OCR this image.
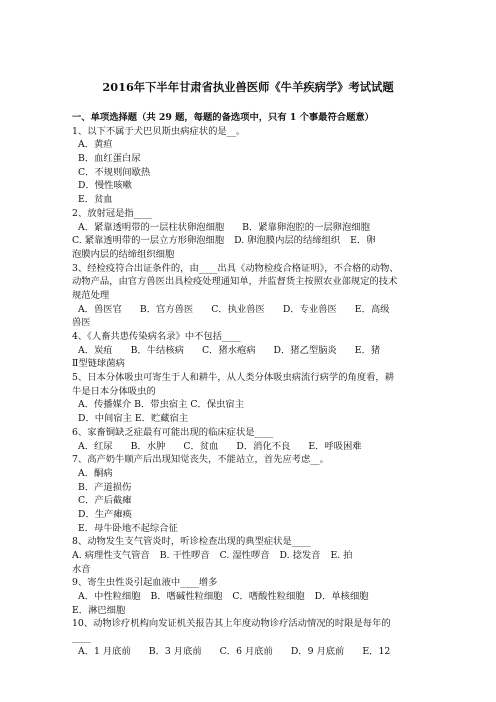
2016年下半年甘肃省执业兽医师《牛羊疾病学》考试试题
一、单项选择题（共 29 题，每题的备选项中，只有 1 个事最符合题意）
1、以下不属于犬巴贝斯虫病症状的是__。
A．黄疸
B．血红蛋白尿
C．不规则间歇热
D．慢性咳嗽
E．贫血
2、放射冠是指____
A．紧靠透明带的一层柱状卵泡细胞 B．紧靠卵泡腔的一层卵泡细胞
C. 紧靠透明带的一层立方形卵泡细胞 D. 卵泡膜内层的结缔组织 E．卵
泡膜内层的结缔组织细胞
3、经检疫符合出证条件的，由____出具《动物检疫合格证明》，不合格的动物、
动物产品，由官方兽医出具检疫处理通知单，并监督货主按照农业部规定的技术
规范处理
A．兽医官 B．官方兽医 C．执业兽医 D．专业兽医 E．高级
兽医
4、《人畜共患传染病名录》中不包括____
A．炭疽 B．牛结核病 C．猪水疱病 D．猪乙型脑炎 E．猪
Ⅱ型链球菌病
5、日本分体吸虫可寄生于人和耕牛，从人类分体吸虫病流行病学的角度看，耕
牛是日本分体吸虫的
A．传播媒介 B．带虫宿主 C．保虫宿主
D．中间宿主 E．贮藏宿主
6、家畜铜缺乏症最有可能出现的临床症状是____
A．红尿 B．水肿 C．贫血 D．消化不良 E．呼吸困难
7、高产奶牛顺产后出现知觉丧失，不能站立，首先应考虑__。
A．酮病
B．产道损伤
C．产后截瘫
D．生产瘫痪
E．母牛卧地不起综合征
8、动物发生支气管炎时，听诊检查出现的典型症状是____
A. 病理性支气管音 B. 干性啰音 C. 湿性啰音 D. 捻发音 E. 拍
水音
9、寄生虫性炎引起血液中____增多
A．中性粒细胞 B．嗜碱性粒细胞 C．嗜酸性粒细胞 D．单核细胞
E．淋巴细胞
10、动物诊疗机构向发证机关报告其上年度动物诊疗活动情况的时限是每年的
____
A．1 月底前 B．3 月底前 C．6 月底前 D．9 月底前 E．12
